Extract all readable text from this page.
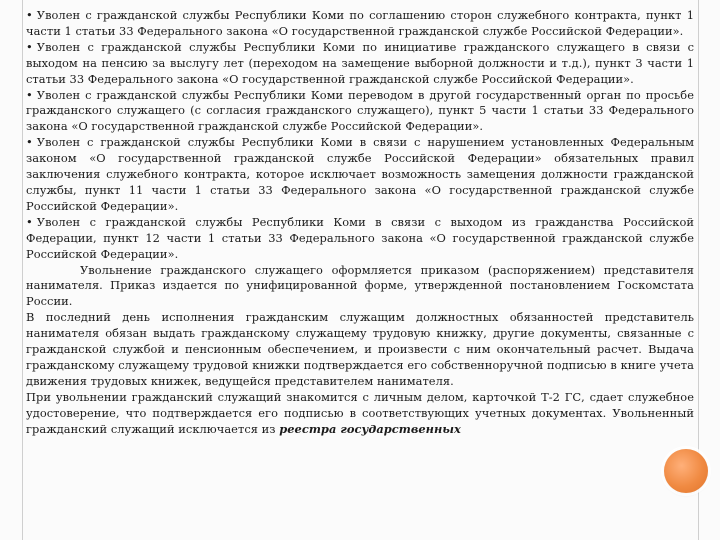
• Уволен с гражданской службы Республики Коми по соглашению сторон служебного контракта, пункт 1 части 1 статьи 33 Федерального закона «О государственной гражданской службе Российской Федерации».

• Уволен с гражданской службы Республики Коми по инициативе гражданского служащего в связи с выходом на пенсию за выслугу лет (переходом на замещение выборной должности и т.д.), пункт 3 части 1 статьи 33 Федерального закона «О государственной гражданской службе Российской Федерации».

• Уволен с гражданской службы Республики Коми переводом в другой государственный орган по просьбе гражданского служащего (с согласия гражданского служащего), пункт 5 части 1 статьи 33 Федерального закона «О государственной гражданской службе Российской Федерации».

• Уволен с гражданской службы Республики Коми в связи с нарушением установленных Федеральным законом «О государственной гражданской службе Российской Федерации» обязательных правил заключения служебного контракта, которое исключает возможность замещения должности гражданской службы, пункт 11 части 1 статьи 33 Федерального закона «О государственной гражданской службе Российской Федерации».

• Уволен с гражданской службы Республики Коми в связи с выходом из гражданства Российской Федерации, пункт 12 части 1 статьи 33 Федерального закона «О государственной гражданской службе Российской Федерации».

Увольнение гражданского служащего оформляется приказом (распоряжением) представителя нанимателя. Приказ издается по унифицированной форме, утвержденной постановлением Госкомстата России.

В последний день исполнения гражданским служащим должностных обязанностей представитель нанимателя обязан выдать гражданскому служащему трудовую книжку, другие документы, связанные с гражданской службой и пенсионным обеспечением, и произвести с ним окончательный расчет. Выдача гражданскому служащему трудовой книжки подтверждается его собственноручной подписью в книге учета движения трудовых книжек, ведущейся представителем нанимателя.

При увольнении гражданский служащий знакомится с личным делом, карточкой Т-2 ГС, сдает служебное удостоверение, что подтверждается его подписью в соответствующих учетных документах. Увольненный гражданский служащий исключается из реестра государственных
